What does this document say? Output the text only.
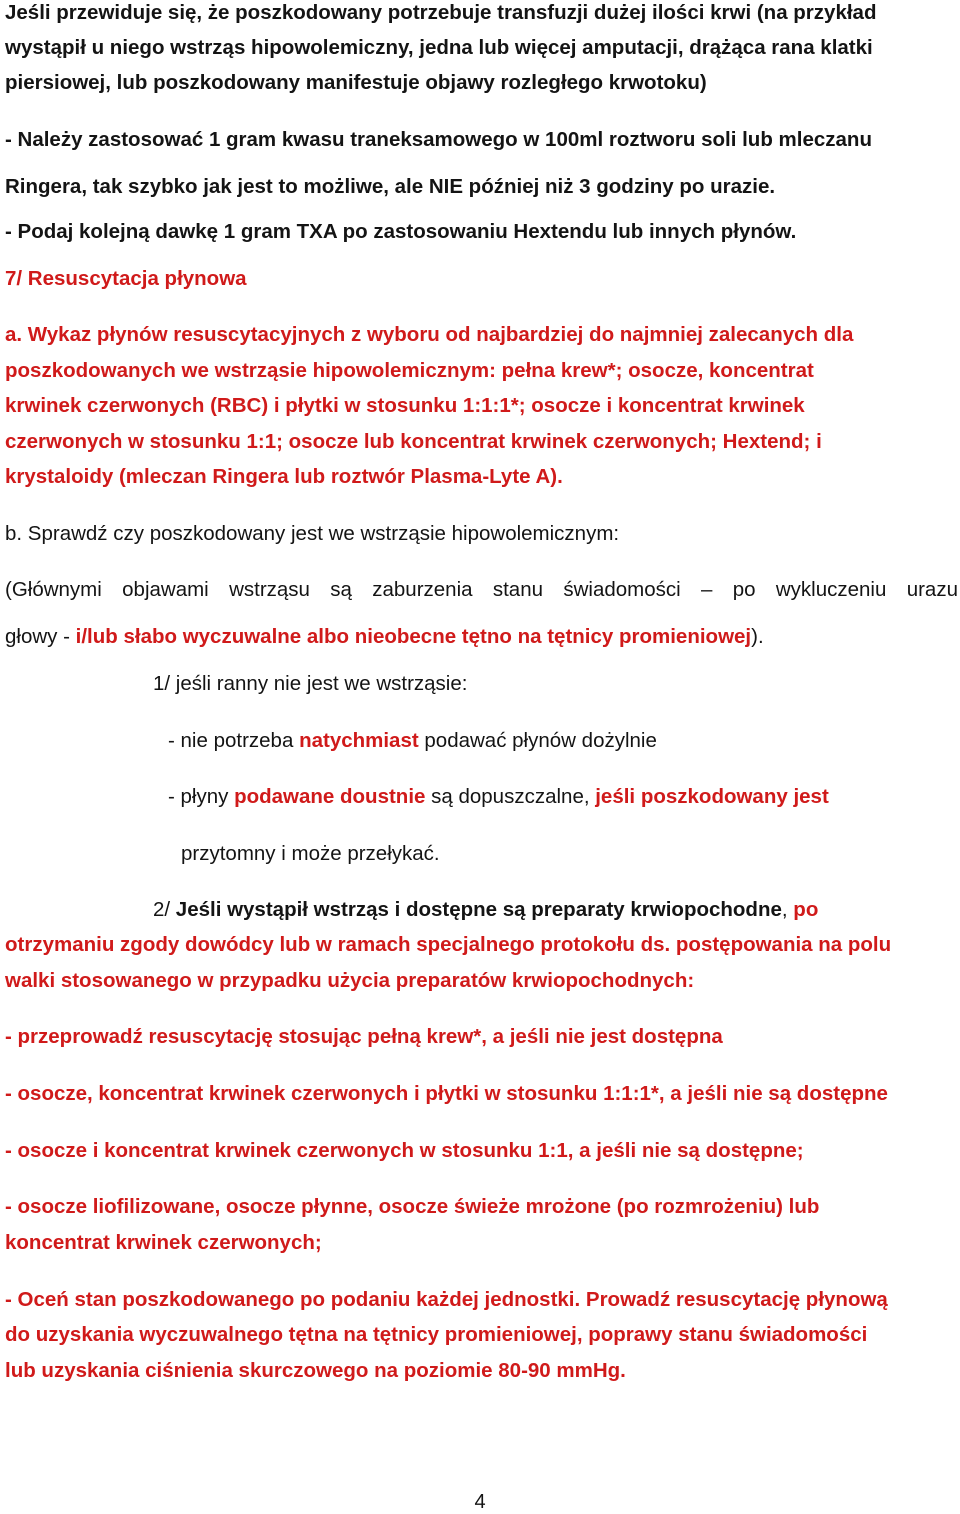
Jeśli przewiduje się, że poszkodowany potrzebuje transfuzji dużej ilości krwi (na przykład
wystąpił u niego wstrząs hipowolemiczny, jedna lub więcej amputacji, drążąca rana klatki
piersiowej, lub poszkodowany manifestuje objawy rozległego krwotoku)
- Należy zastosować 1 gram kwasu traneksamowego w 100ml roztworu soli lub mleczanu
Ringera, tak szybko jak jest to możliwe, ale NIE później niż 3 godziny po urazie.
- Podaj kolejną dawkę 1 gram TXA po zastosowaniu Hextendu lub innych płynów.
7/ Resuscytacja płynowa
a. Wykaz płynów resuscytacyjnych z wyboru od najbardziej do najmniej zalecanych dla
poszkodowanych we wstrząsie hipowolemicznym: pełna krew*; osocze, koncentrat
krwinek czerwonych (RBC) i płytki w stosunku 1:1:1*; osocze i koncentrat krwinek
czerwonych w stosunku 1:1; osocze lub koncentrat krwinek czerwonych; Hextend; i
krystaloidy (mleczan Ringera lub roztwór Plasma-Lyte A).
b. Sprawdź czy poszkodowany jest we wstrząsie hipowolemicznym:
(Głównymi objawami wstrząsu są zaburzenia stanu świadomości – po wykluczeniu urazu
głowy - i/lub słabo wyczuwalne albo nieobecne tętno na tętnicy promieniowej).
1/ jeśli ranny nie jest we wstrząsie:
- nie potrzeba natychmiast podawać płynów dożylnie
- płyny podawane doustnie są dopuszczalne, jeśli poszkodowany jest
przytomny i może przełykać.
2/ Jeśli wystąpił wstrząs i dostępne są preparaty krwiopochodne, po
otrzymaniu zgody dowódcy lub w ramach specjalnego protokołu ds. postępowania na polu
walki stosowanego w przypadku użycia preparatów krwiopochodnych:
- przeprowadź resuscytację stosując pełną krew*, a jeśli nie jest dostępna
- osocze, koncentrat krwinek czerwonych i płytki w stosunku 1:1:1*, a jeśli nie są dostępne
- osocze i koncentrat krwinek czerwonych w stosunku 1:1, a jeśli nie są dostępne;
- osocze liofilizowane, osocze płynne, osocze świeże mrożone (po rozmrożeniu) lub
koncentrat krwinek czerwonych;
- Oceń stan poszkodowanego po podaniu każdej jednostki. Prowadź resuscytację płynową
do uzyskania wyczuwalnego tętna na tętnicy promieniowej, poprawy stanu świadomości
lub uzyskania ciśnienia skurczowego na poziomie 80-90 mmHg.
4
